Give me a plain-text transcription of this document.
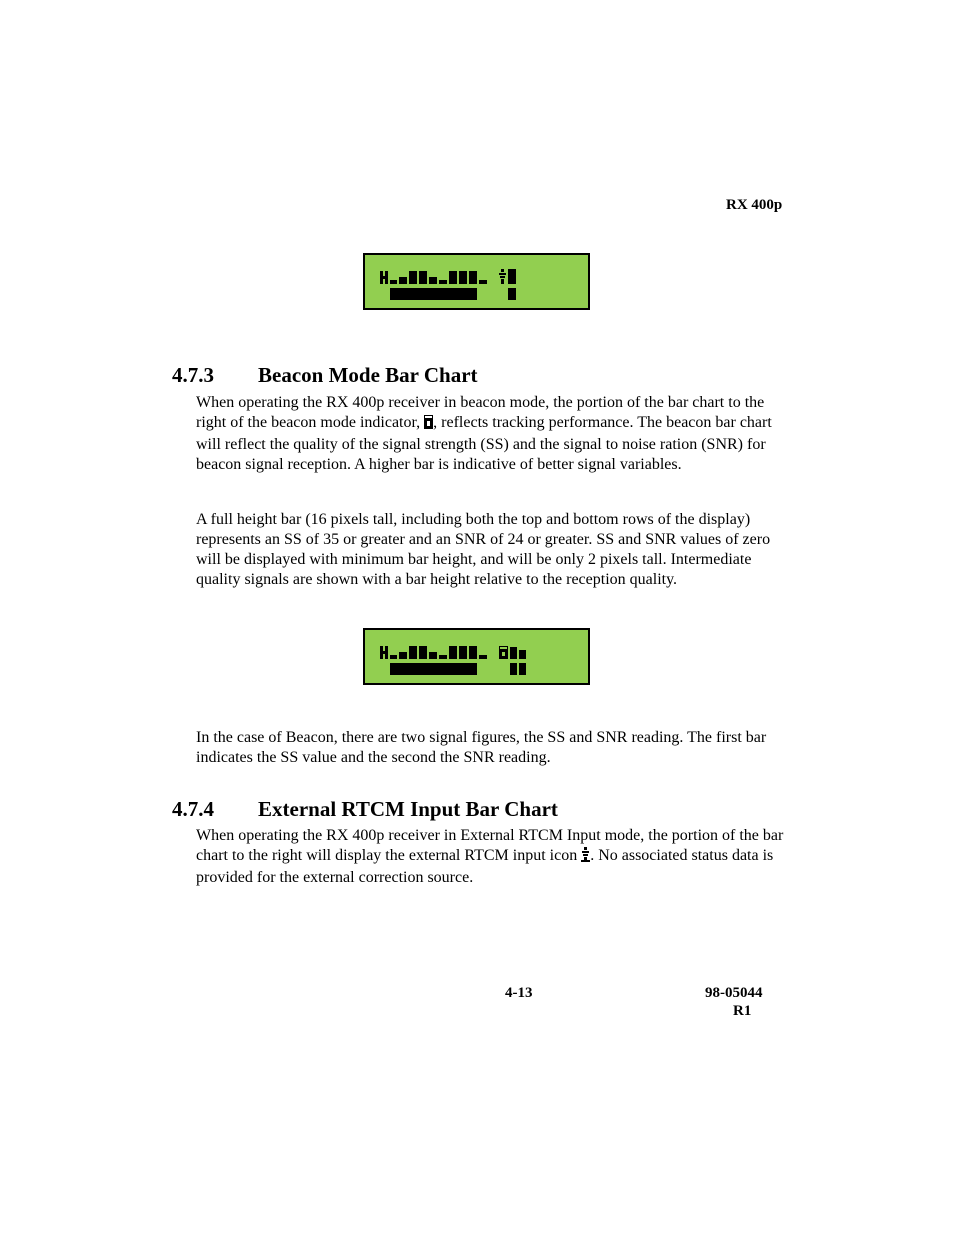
RX 400p
4.7.3 Beacon Mode Bar Chart

When operating the RX 400p receiver in beacon mode, the portion of the bar chart to the right of the beacon mode indicator, , reflects tracking performance. The beacon bar chart will reflect the quality of the signal strength (SS) and the signal to noise ration (SNR) for beacon signal reception. A higher bar is indicative of better signal variables.

A full height bar (16 pixels tall, including both the top and bottom rows of the display) represents an SS of 35 or greater and an SNR of 24 or greater. SS and SNR values of zero will be displayed with minimum bar height, and will be only 2 pixels tall. Intermediate quality signals are shown with a bar height relative to the reception quality.

In the case of Beacon, there are two signal figures, the SS and SNR reading. The first bar indicates the SS value and the second the SNR reading.

4.7.4 External RTCM Input Bar Chart

When operating the RX 400p receiver in External RTCM Input mode, the portion of the bar chart to the right will display the external RTCM input icon . No associated status data is provided for the external correction source.

4-13	98-05044
R1
